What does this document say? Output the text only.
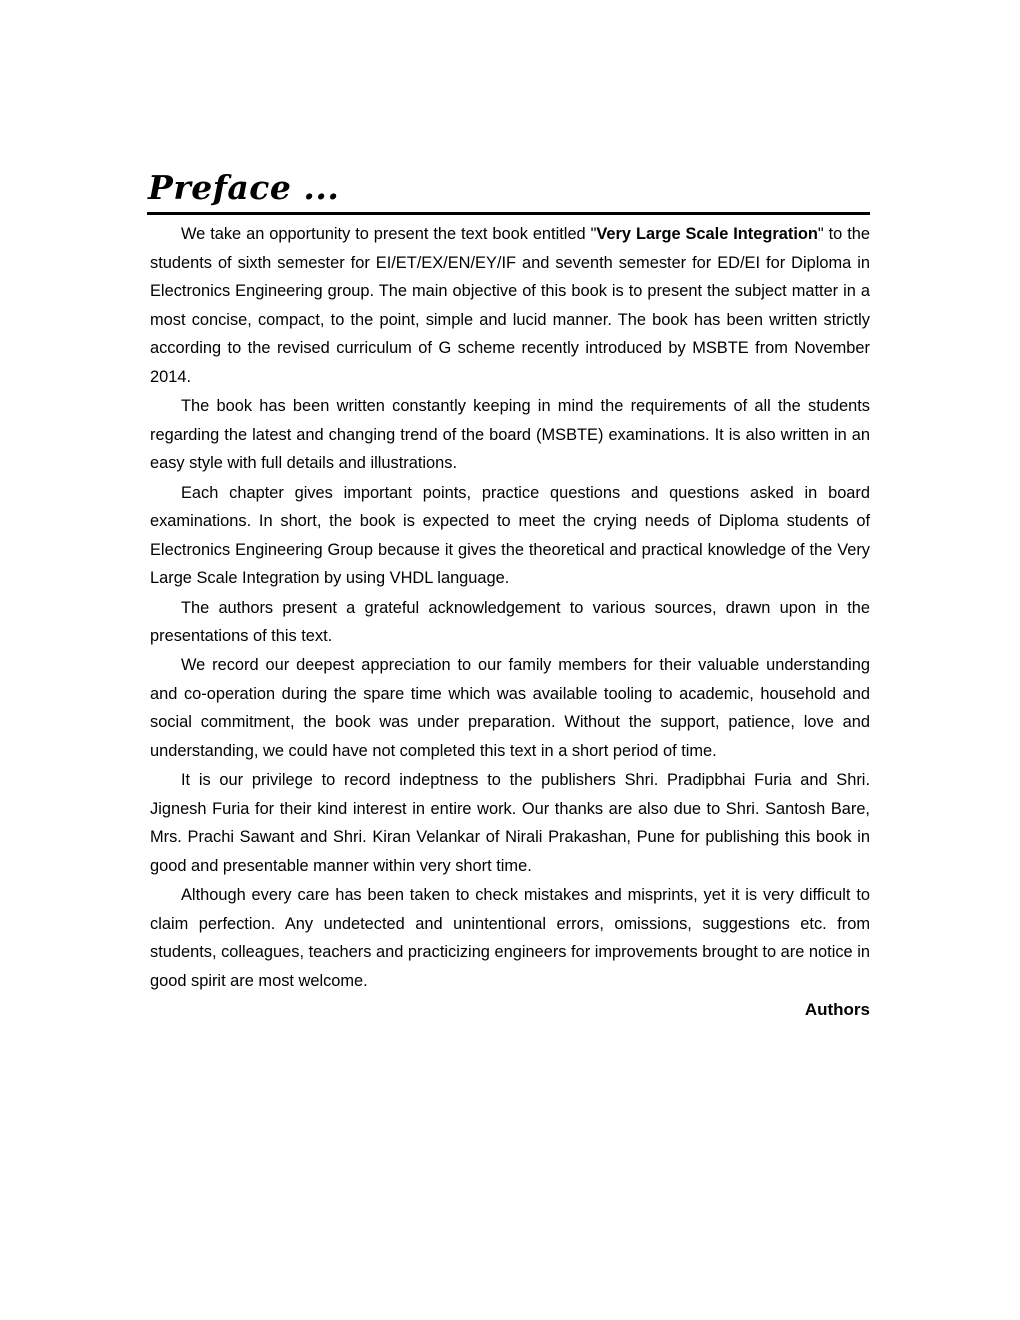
Preface ...

We take an opportunity to present the text book entitled "Very Large Scale Integration" to the students of sixth semester for EI/ET/EX/EN/EY/IF and seventh semester for ED/EI for Diploma in Electronics Engineering group. The main objective of this book is to present the subject matter in a most concise, compact, to the point, simple and lucid manner. The book has been written strictly according to the revised curriculum of G scheme recently introduced by MSBTE from November 2014.

The book has been written constantly keeping in mind the requirements of all the students regarding the latest and changing trend of the board (MSBTE) examinations. It is also written in an easy style with full details and illustrations.

Each chapter gives important points, practice questions and questions asked in board examinations. In short, the book is expected to meet the crying needs of Diploma students of Electronics Engineering Group because it gives the theoretical and practical knowledge of the Very Large Scale Integration by using VHDL language.

The authors present a grateful acknowledgement to various sources, drawn upon in the presentations of this text.

We record our deepest appreciation to our family members for their valuable understanding and co-operation during the spare time which was available tooling to academic, household and social commitment, the book was under preparation. Without the support, patience, love and understanding, we could have not completed this text in a short period of time.

It is our privilege to record indeptness to the publishers Shri. Pradipbhai Furia and Shri. Jignesh Furia for their kind interest in entire work. Our thanks are also due to Shri. Santosh Bare, Mrs. Prachi Sawant and Shri. Kiran Velankar of Nirali Prakashan, Pune for publishing this book in good and presentable manner within very short time.

Although every care has been taken to check mistakes and misprints, yet it is very difficult to claim perfection. Any undetected and unintentional errors, omissions, suggestions etc. from students, colleagues, teachers and practicizing engineers for improvements brought to are notice in good spirit are most welcome.

Authors
